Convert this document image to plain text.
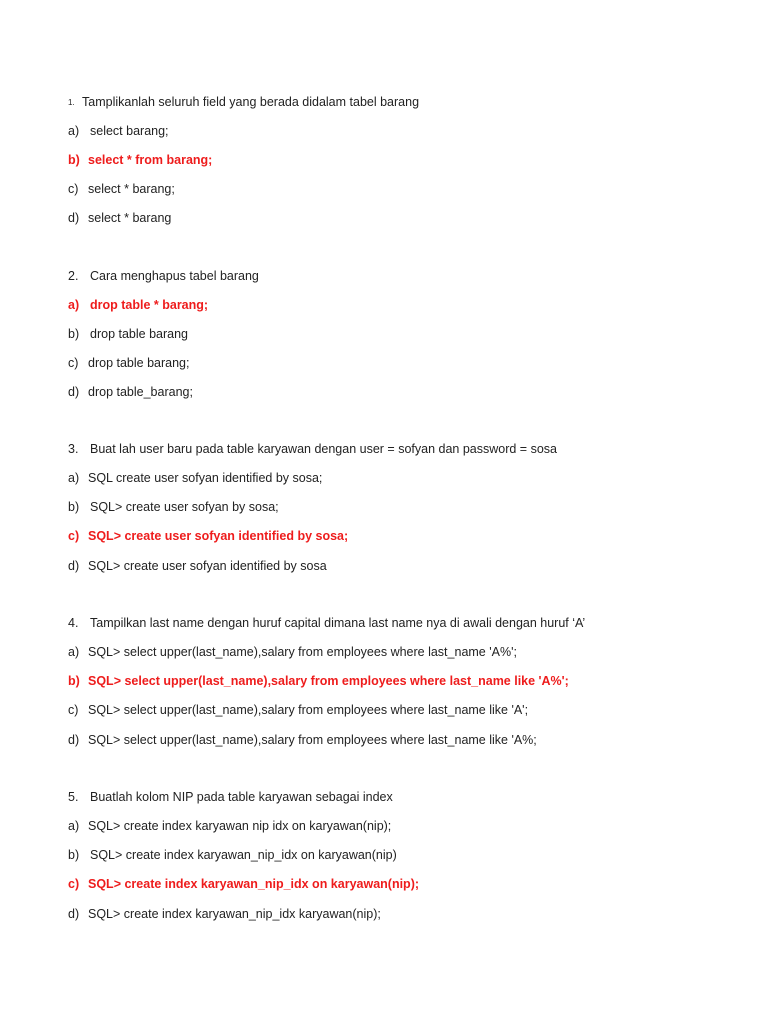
1. Tamplikanlah seluruh field yang berada didalam tabel barang
a) select barang;
b) select * from barang;
c) select * barang;
d) select * barang
2. Cara menghapus tabel barang
a) drop table * barang;
b) drop table barang
c) drop table barang;
d) drop table_barang;
3. Buat lah user baru pada table karyawan dengan user = sofyan dan password = sosa
a) SQL create user sofyan identified by sosa;
b) SQL> create user sofyan by sosa;
c) SQL> create user sofyan identified by sosa;
d) SQL> create user sofyan identified by sosa
4. Tampilkan last name dengan huruf capital dimana last name nya di awali dengan huruf ‘A’
a) SQL> select upper(last_name),salary from employees where last_name 'A%';
b) SQL> select upper(last_name),salary from employees where last_name like 'A%';
c) SQL> select upper(last_name),salary from employees where last_name like 'A';
d) SQL> select upper(last_name),salary from employees where last_name like 'A%;
5. Buatlah kolom NIP pada table karyawan sebagai index
a) SQL> create index karyawan nip idx on karyawan(nip);
b) SQL> create index karyawan_nip_idx on karyawan(nip)
c) SQL> create index karyawan_nip_idx on karyawan(nip);
d) SQL> create index karyawan_nip_idx karyawan(nip);
